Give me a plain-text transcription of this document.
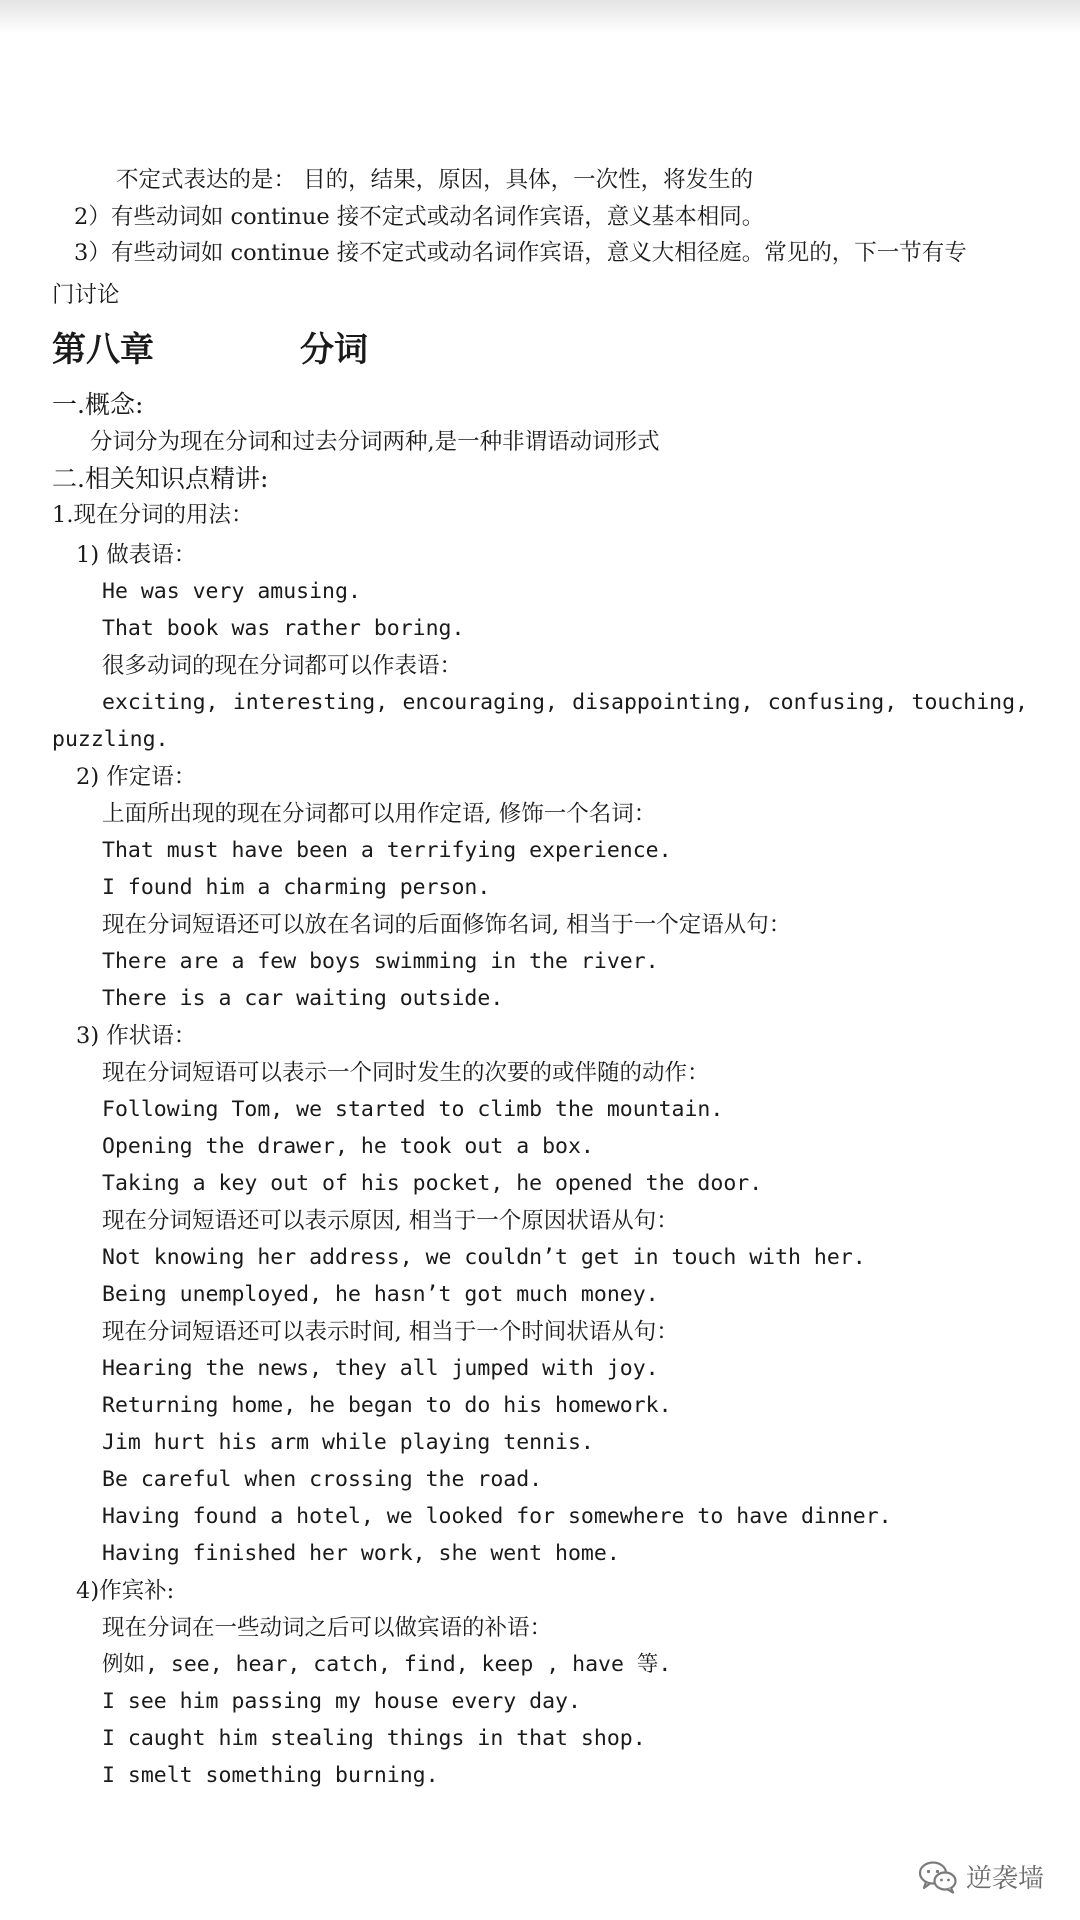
不定式表达的是： 目的，结果，原因，具体，一次性，将发生的
2）有些动词如 continue 接不定式或动名词作宾语，意义基本相同。
3）有些动词如 continue 接不定式或动名词作宾语，意义大相径庭。常见的，下一节有专
门讨论
第八章	分词
一.概念:
分词分为现在分词和过去分词两种,是一种非谓语动词形式
二.相关知识点精讲:
1.现在分词的用法：
1) 做表语：
He was very amusing.
That book was rather boring.
很多动词的现在分词都可以作表语：
exciting, interesting, encouraging, disappointing, confusing, touching,
puzzling.
2) 作定语：
上面所出现的现在分词都可以用作定语, 修饰一个名词：
That must have been a terrifying experience.
I found him a charming person.
现在分词短语还可以放在名词的后面修饰名词, 相当于一个定语从句：
There are a few boys swimming in the river.
There is a car waiting outside.
3) 作状语：
现在分词短语可以表示一个同时发生的次要的或伴随的动作：
Following Tom, we started to climb the mountain.
Opening the drawer, he took out a box.
Taking a key out of his pocket, he opened the door.
现在分词短语还可以表示原因, 相当于一个原因状语从句：
Not knowing her address, we couldn’t get in touch with her.
Being unemployed, he hasn’t got much money.
现在分词短语还可以表示时间, 相当于一个时间状语从句：
Hearing the news, they all jumped with joy.
Returning home, he began to do his homework.
Jim hurt his arm while playing tennis.
Be careful when crossing the road.
Having found a hotel, we looked for somewhere to have dinner.
Having finished her work, she went home.
4)作宾补:
现在分词在一些动词之后可以做宾语的补语：
例如, see, hear, catch, find, keep , have 等.
I see him passing my house every day.
I caught him stealing things in that shop.
I smelt something burning.
逆袭墙
